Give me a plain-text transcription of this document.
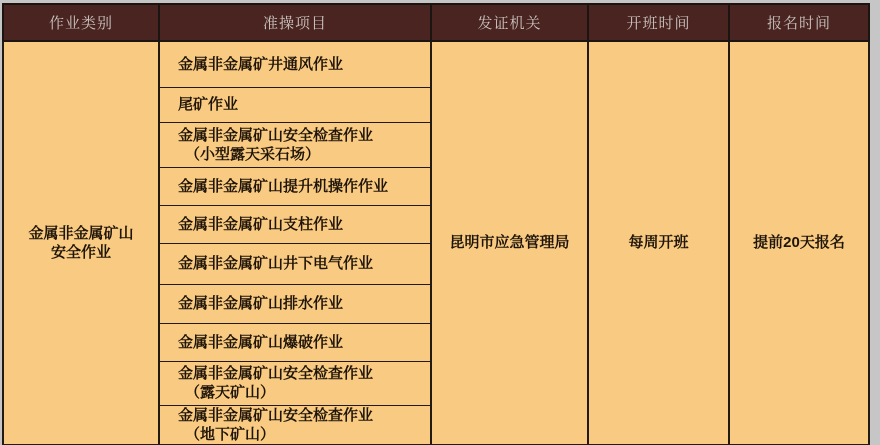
作业类别	准操项目	发证机关	开班时间	报名时间

金属非金属矿山
安全作业	金属非金属矿井通风作业	昆明市应急管理局	每周开班	提前20天报名

	尾矿作业			

	金属非金属矿山安全检查作业
（小型露天采石场）			

	金属非金属矿山提升机操作作业			

	金属非金属矿山支柱作业			

	金属非金属矿山井下电气作业			

	金属非金属矿山排水作业			

	金属非金属矿山爆破作业			

	金属非金属矿山安全检查作业
（露天矿山）			

	金属非金属矿山安全检查作业
（地下矿山）			
